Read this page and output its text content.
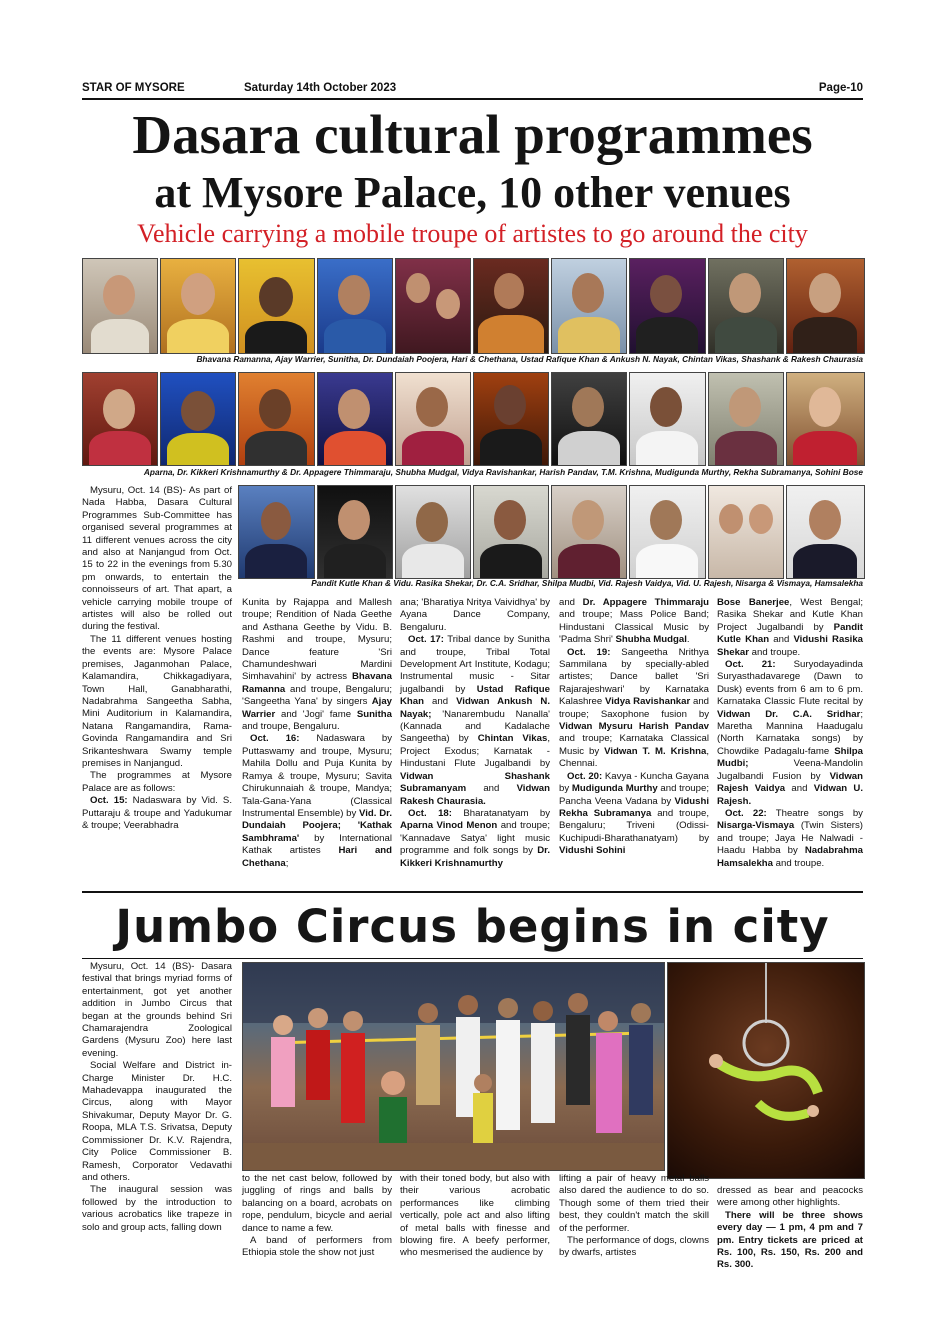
STAR OF MYSORE	Saturday 14th October 2023	Page-10
Dasara cultural programmes
at Mysore Palace, 10 other venues
Vehicle carrying a mobile troupe of artistes to go around the city
Bhavana Ramanna, Ajay Warrier, Sunitha, Dr. Dundaiah Poojera, Hari & Chethana, Ustad Rafique Khan & Ankush N. Nayak, Chintan Vikas, Shashank & Rakesh Chaurasia
Aparna, Dr. Kikkeri Krishnamurthy & Dr. Appagere Thimmaraju, Shubha Mudgal, Vidya Ravishankar, Harish Pandav, T.M. Krishna, Mudigunda Murthy, Rekha Subramanya, Sohini Bose
Pandit Kutle Khan & Vidu. Rasika Shekar, Dr. C.A. Sridhar, Shilpa Mudbi, Vid. Rajesh Vaidya, Vid. U. Rajesh, Nisarga & Vismaya, Hamsalekha

Mysuru, Oct. 14 (BS)- As part of Nada Habba, Dasara Cultural Programmes Sub-Committee has organised several programmes at 11 different venues across the city and also at Nanjangud from Oct. 15 to 22 in the evenings from 5.30 pm onwards, to entertain the connoisseurs of art. That apart, a vehicle carrying mobile troupe of artistes will also be rolled out during the festival.

The 11 different venues hosting the events are: Mysore Palace premises, Jaganmohan Palace, Kalamandira, Chikkagadiyara, Town Hall, Ganabharathi, Nadabrahma Sangeetha Sabha, Mini Auditorium in Kalamandira, Natana Rangamandira, Rama-Govinda Rangamandira and Sri Srikanteshwara Swamy temple premises in Nanjangud.

The programmes at Mysore Palace are as follows:

Oct. 15: Nadaswara by Vid. S. Puttaraju & troupe and Yadukumar & troupe; Veerabhadra

Kunita by Rajappa and Mallesh troupe; Rendition of Nada Geethe and Asthana Geethe by Vidu. B. Rashmi and troupe, Mysuru; Dance feature 'Sri Chamundeshwari Mardini Simhavahini' by actress Bhavana Ramanna and troupe, Bengaluru; 'Sangeetha Yana' by singers Ajay Warrier and 'Jogi' fame Sunitha and troupe, Bengaluru.

Oct. 16: Nadaswara by Puttaswamy and troupe, Mysuru; Mahila Dollu and Puja Kunita by Ramya & troupe, Mysuru; Savita Chirukunnaiah & troupe, Mandya; Tala-Gana-Yana (Classical Instrumental Ensemble) by Vid. Dr. Dundaiah Poojera; 'Kathak Sambhrama' by International Kathak artistes Hari and Chethana;

ana; 'Bharatiya Nritya Vaividhya' by Ayana Dance Company, Bengaluru.

Oct. 17: Tribal dance by Sunitha and troupe, Tribal Total Development Art Institute, Kodagu; Instrumental music - Sitar jugalbandi by Ustad Rafique Khan and Vidwan Ankush N. Nayak; 'Nanarembudu Nanalla' (Kannada and Kadalache Sangeetha) by Chintan Vikas, Project Exodus; Karnatak - Hindustani Flute Jugalbandi by Vidwan Shashank Subramanyam and Vidwan Rakesh Chaurasia.

Oct. 18: Bharatanatyam by Aparna Vinod Menon and troupe; 'Kannadave Satya' light music programme and folk songs by Dr. Kikkeri Krishnamurthy

and Dr. Appagere Thimmaraju and troupe; Mass Police Band; Hindustani Classical Music by 'Padma Shri' Shubha Mudgal.

Oct. 19: Sangeetha Nrithya Sammilana by specially-abled artistes; Dance ballet 'Sri Rajarajeshwari' by Karnataka Kalashree Vidya Ravishankar and troupe; Saxophone fusion by Vidwan Mysuru Harish Pandav and troupe; Karnataka Classical Music by Vidwan T. M. Krishna, Chennai.

Oct. 20: Kavya - Kuncha Gayana by Mudigunda Murthy and troupe; Pancha Veena Vadana by Vidushi Rekha Subramanya and troupe, Bengaluru; Triveni (Odissi-Kuchipudi-Bharathanatyam) by Vidushi Sohini

Bose Banerjee, West Bengal; Rasika Shekar and Kutle Khan Project Jugalbandi by Pandit Kutle Khan and Vidushi Rasika Shekar and troupe.

Oct. 21: Suryodayadinda Suryasthadavarege (Dawn to Dusk) events from 6 am to 6 pm. Karnataka Classic Flute recital by Vidwan Dr. C.A. Sridhar; Maretha Mannina Haadugalu (North Karnataka songs) by Chowdike Padagalu-fame Shilpa Mudbi; Veena-Mandolin Jugalbandi Fusion by Vidwan Rajesh Vaidya and Vidwan U. Rajesh.

Oct. 22: Theatre songs by Nisarga-Vismaya (Twin Sisters) and troupe; Jaya He Nalwadi - Haadu Habba by Nadabrahma Hamsalekha and troupe.

Jumbo Circus begins in city

Mysuru, Oct. 14 (BS)- Dasara festival that brings myriad forms of entertainment, got yet another addition in Jumbo Circus that began at the grounds behind Sri Chamarajendra Zoological Gardens (Mysuru Zoo) here last evening.

Social Welfare and District in-Charge Minister Dr. H.C. Mahadevappa inaugurated the Circus, along with Mayor Shivakumar, Deputy Mayor Dr. G. Roopa, MLA T.S. Srivatsa, Deputy Commissioner Dr. K.V. Rajendra, City Police Commissioner B. Ramesh, Corporator Vedavathi and others.

The inaugural session was followed by the introduction to various acrobatics like trapeze in solo and group acts, falling down

to the net cast below, followed by juggling of rings and balls by balancing on a board, acrobats on rope, pendulum, bicycle and aerial dance to name a few.

A band of performers from Ethiopia stole the show not just

with their toned body, but also with their various acrobatic performances like climbing vertically, pole act and also lifting of metal balls with finesse and blowing fire. A beefy performer, who mesmerised the audience by

lifting a pair of heavy metal balls also dared the audience to do so. Though some of them tried their best, they couldn't match the skill of the performer.

The performance of dogs, clowns by dwarfs, artistes

dressed as bear and peacocks were among other highlights.

There will be three shows every day — 1 pm, 4 pm and 7 pm. Entry tickets are priced at Rs. 100, Rs. 150, Rs. 200 and Rs. 300.
